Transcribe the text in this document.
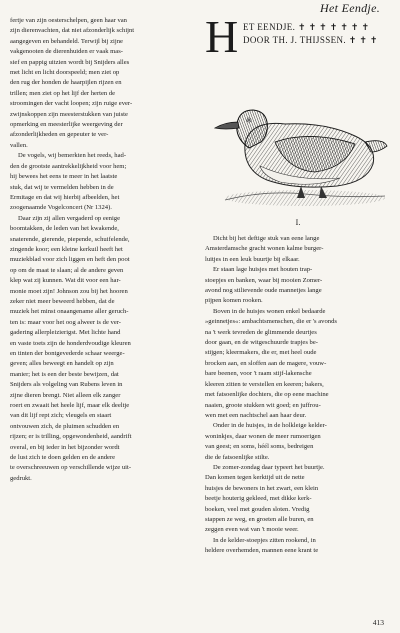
Het Eendje.
fertje van zijn oesterschelpen, geen haar van
zijn dierenvachten, dat niet afzonderlijk schijnt
aangegeven en behandeld. Terwijl bij zijne
vakgenooten de dierenhuiden er vaak mas-
sief en pappig uitzien wordt bij Snijders alles
met licht en licht doorspeeld; men ziet op
den rug der honden de haarpijlen rijzen en
trillen; men ziet op het lijf der herten de
stroomingen der vacht loopen; zijn ruige ever-
zwijnskoppen zijn meesterstukken van juiste
opmerking en meesterlijke weergeving der
afzonderlijkheden en gepeuter te ver-
vallen.
De vogels, wij bemerkten het reeds, had-
den de grootste aantrekkelijkheid voor hem;
hij bewees het eens te meer in het laatste
stuk, dat wij te vermelden hebben in de
Ermitage en dat wij hierbij afbeelden, het
zoogenaamde Vogelconcert (Nr 1324).
Daar zijn zij allen vergaderd op eenige
boomtakken, de leden van het kwakende,
snaterende, gierende, piepende, schuifelende,
zingende koor; een kleine kerkuil heeft het
muziekblad voor zich liggen en heft den poot
op om de maat te slaan; al de andere geven
klep wat zij kunnen. Wat dit voor een har-
monie moet zijn! Johnson zou bij het hooren
zeker niet meer beweerd hebben, dat de
muziek het minst onaangename aller geruch-
ten is: maar voor het oog alweer is de ver-
gadering allerpleizierigst. Met lichte hand
en vaste toets zijn de honderdvoudige kleuren
en tinten der bontgevederde schaar weerge-
geven; alles beweegt en handelt op zijn
manier; het is een der beste bewijzen, dat
Snijders als volgeling van Rubens leven in
zijne dieren brengt. Niet alleen elk zanger
roert en zwaait het heele lijf, maar elk deeltje
van dit lijf rept zich; vleugels en staart
ontvouwen zich, de pluimen schudden en
rijzen; er is trilling, opgewondenheid, aandrift
overal, en bij ieder in het bijzonder wordt
de lust zich te doen gelden en de andere
te overschreeuwen op verschillende wijze uit-
gedrukt.
H ET EENDJE. ✝ ✝ ✝ ✝ ✝ ✝ ✝
DOOR TH. J. THIJSSEN. ✝ ✝ ✝
I.
Dicht bij het deftige stuk van eene lange
Amsterdamsche gracht wonen kalme burger-
luitjes in een leuk buurtje bij elkaar.
Er staan lage huisjes met houten trap-
stoepjes en banken, waar bij mooien Zomer-
avond nog stilievende oude mannetjes lange
pijpen komen rooken.
Boven in de huisjes wonen enkel bedaarde
»geinnetjes«: ambachtsmenschen, die er 's avonds
na 't werk tevreden de glimmende deurtjes
door gaan, en de witgeschuurde trapjes be-
stijgen; kleermakers, die er, met heel oude
brocken aan, en sloffen aan de magere, vouw-
bare beenen, voor 't raam stijf-lakensche
kleeren zitten te verstellen en keeren; bakers,
met fatsoenlijke dochters, die op eene machine
naaien, groote stukken wit goed; en juffrou-
wen met een nachtschel aan haar deur.
Onder in de huisjes, in de holkleige kelder-
woninkjes, daar wonen de meer rumoerigen
van geest; en soms, héél soms, bedreigen
die de fatsoenlijke stilte.
De zomer-zondag daar typeert het buurtje.
Dan komen tegen kerktijd uit de nette
huisjes de bewoners in het zwart, een klein
beetje houterig gekleed, met dikke kerk-
boeken, veel met gouden sloten. Vredig
stappen ze weg, en groeten alle buren, en
zeggen even wat van 't mooie weer.
In de kelder-stoepjes zitten rookend, in
heldere overhemden, mannen eene krant te
413
